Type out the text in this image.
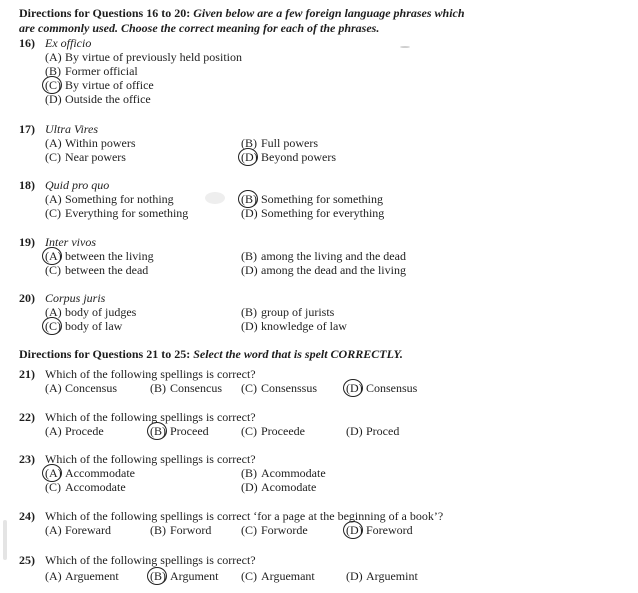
Directions for Questions 16 to 20: Given below are a few foreign language phrases which
are commonly used. Choose the correct meaning for each of the phrases.
16) Ex officio
(A) By virtue of previously held position
(B) Former official
(C) By virtue of office
(D) Outside the office
17) Ultra Vires
(A) Within powers	(B) Full powers
(C) Near powers	(D) Beyond powers
18) Quid pro quo
(A) Something for nothing	(B) Something for something
(C) Everything for something	(D) Something for everything
19) Inter vivos
(A) between the living	(B) among the living and the dead
(C) between the dead	(D) among the dead and the living
20) Corpus juris
(A) body of judges	(B) group of jurists
(C) body of law	(D) knowledge of law
Directions for Questions 21 to 25: Select the word that is spelt CORRECTLY.
21) Which of the following spellings is correct?
(A) Concensus	(B) Consencus (C) Consenssus (D) Consensus
22) Which of the following spellings is correct?
(A) Procede	(B) Proceed	(C) Proceede	(D) Proced
23) Which of the following spellings is correct?
(A) Accommodate	(B) Acommodate
(C) Accomodate	(D) Acomodate
24) Which of the following spellings is correct ‘for a page at the beginning of a book’?
(A) Foreward	(B) Forword (C) Forworde	(D) Foreword
25) Which of the following spellings is correct?
(A) Arguement	(B) Argument (C) Arguemant	(D) Arguemint
